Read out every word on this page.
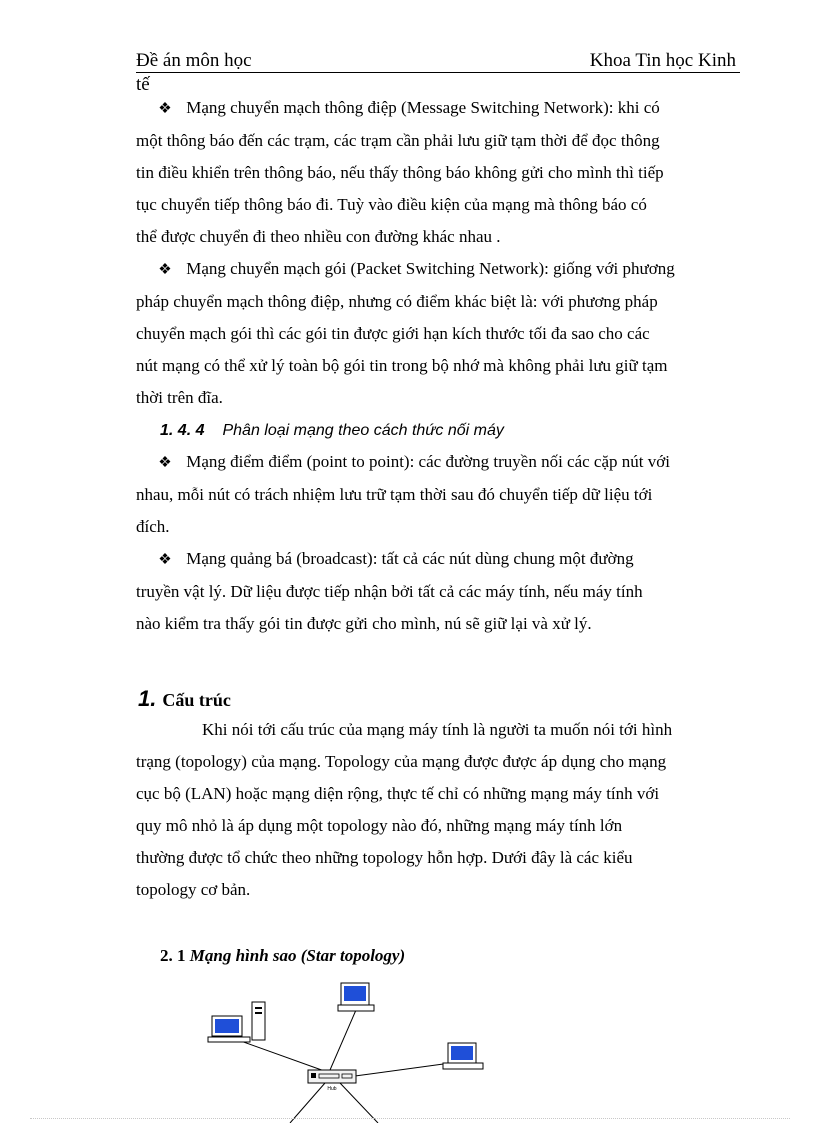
Đề án môn học	Khoa Tin học Kinh
tế
❖ Mạng chuyển mạch thông điệp (Message Switching Network): khi có
một thông báo đến các trạm, các trạm cần phải lưu giữ tạm thời để đọc thông
tin điều khiển trên thông báo, nếu thấy thông báo không gửi cho mình thì tiếp
tục chuyển tiếp thông báo đi. Tuỳ vào điều kiện của mạng mà thông báo có
thể được chuyển đi theo nhiều con đường khác nhau .
❖ Mạng chuyển mạch gói (Packet Switching Network): giống với phương
pháp chuyển mạch thông điệp, nhưng có điểm khác biệt là: với phương pháp
chuyển mạch gói thì các gói tin được giới hạn kích thước tối đa sao cho các
nút mạng có thể xử lý toàn bộ gói tin trong bộ nhớ mà không phải lưu giữ tạm
thời trên đĩa.
1. 4. 4 Phân loại mạng theo cách thức nối máy
❖ Mạng điểm điểm (point to point): các đường truyền nối các cặp nút với
nhau, mỗi nút có trách nhiệm lưu trữ tạm thời sau đó chuyển tiếp dữ liệu tới
đích.
❖ Mạng quảng bá (broadcast): tất cả các nút dùng chung một đường
truyền vật lý. Dữ liệu được tiếp nhận bởi tất cả các máy tính, nếu máy tính
nào kiểm tra thấy gói tin được gửi cho mình, nú sẽ giữ lại và xử lý.
1. Cấu trúc
Khi nói tới cấu trúc của mạng máy tính là người ta muốn nói tới hình
trạng (topology) của mạng. Topology của mạng được được áp dụng cho mạng
cục bộ (LAN) hoặc mạng diện rộng, thực tế chỉ có những mạng máy tính với
quy mô nhỏ là áp dụng một topology nào đó, những mạng máy tính lớn
thường được tổ chức theo những topology hỗn hợp. Dưới đây là các kiểu
topology cơ bản.
2. 1 Mạng hình sao (Star topology)
Hub
